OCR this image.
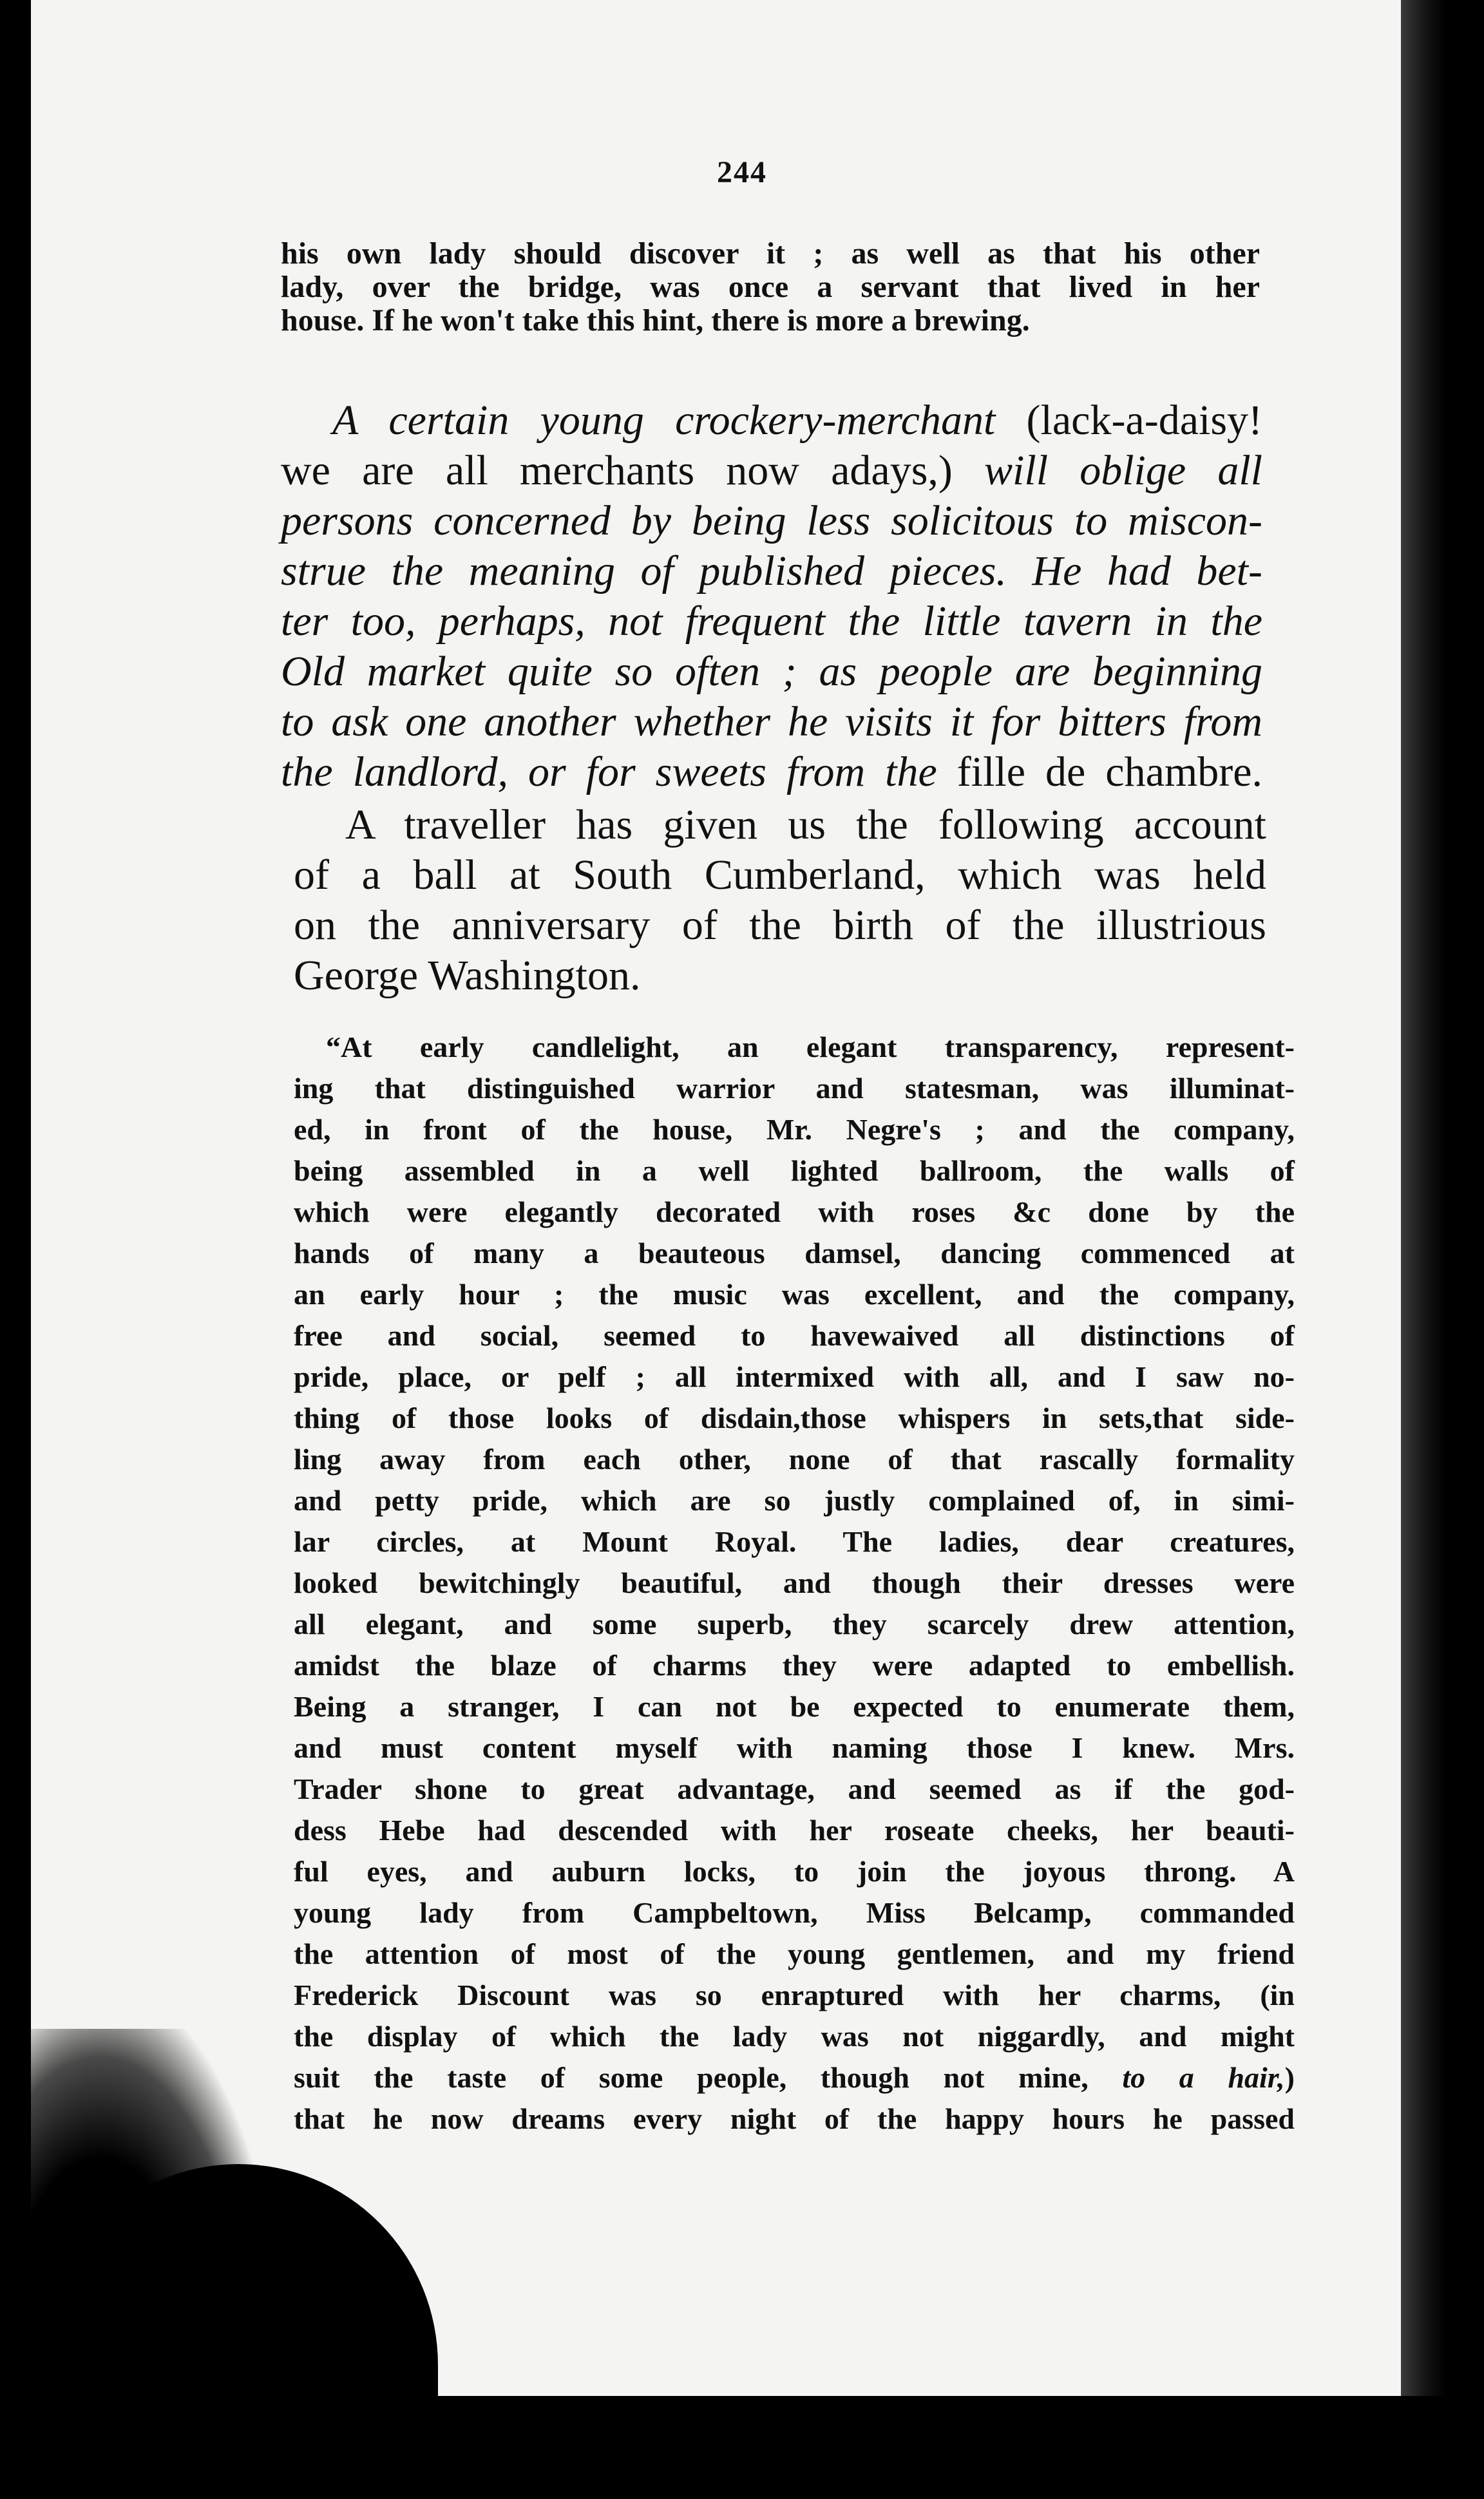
244
his own lady should discover it ; as well as that his other
lady, over the bridge, was once a servant that lived in her
house. If he won't take this hint, there is more a brewing.
A certain young crockery-merchant (lack-a-daisy!
we are all merchants now adays,) will oblige all
persons concerned by being less solicitous to miscon-
strue the meaning of published pieces. He had bet-
ter too, perhaps, not frequent the little tavern in the
Old market quite so often ; as people are beginning
to ask one another whether he visits it for bitters from
the landlord, or for sweets from the fille de chambre.
A traveller has given us the following account
of a ball at South Cumberland, which was held
on the anniversary of the birth of the illustrious
George Washington.
“At early candlelight, an elegant transparency, represent-
ing that distinguished warrior and statesman, was illuminat-
ed, in front of the house, Mr. Negre's ; and the company,
being assembled in a well lighted ballroom, the walls of
which were elegantly decorated with roses &c done by the
hands of many a beauteous damsel, dancing commenced at
an early hour ; the music was excellent, and the company,
free and social, seemed to havewaived all distinctions of
pride, place, or pelf ; all intermixed with all, and I saw no-
thing of those looks of disdain,those whispers in sets,that side-
ling away from each other, none of that rascally formality
and petty pride, which are so justly complained of, in simi-
lar circles, at Mount Royal. The ladies, dear creatures,
looked bewitchingly beautiful, and though their dresses were
all elegant, and some superb, they scarcely drew attention,
amidst the blaze of charms they were adapted to embellish.
Being a stranger, I can not be expected to enumerate them,
and must content myself with naming those I knew. Mrs.
Trader shone to great advantage, and seemed as if the god-
dess Hebe had descended with her roseate cheeks, her beauti-
ful eyes, and auburn locks, to join the joyous throng. A
young lady from Campbeltown, Miss Belcamp, commanded
the attention of most of the young gentlemen, and my friend
Frederick Discount was so enraptured with her charms, (in
the display of which the lady was not niggardly, and might
suit the taste of some people, though not mine, to a hair,)
that he now dreams every night of the happy hours he passed
